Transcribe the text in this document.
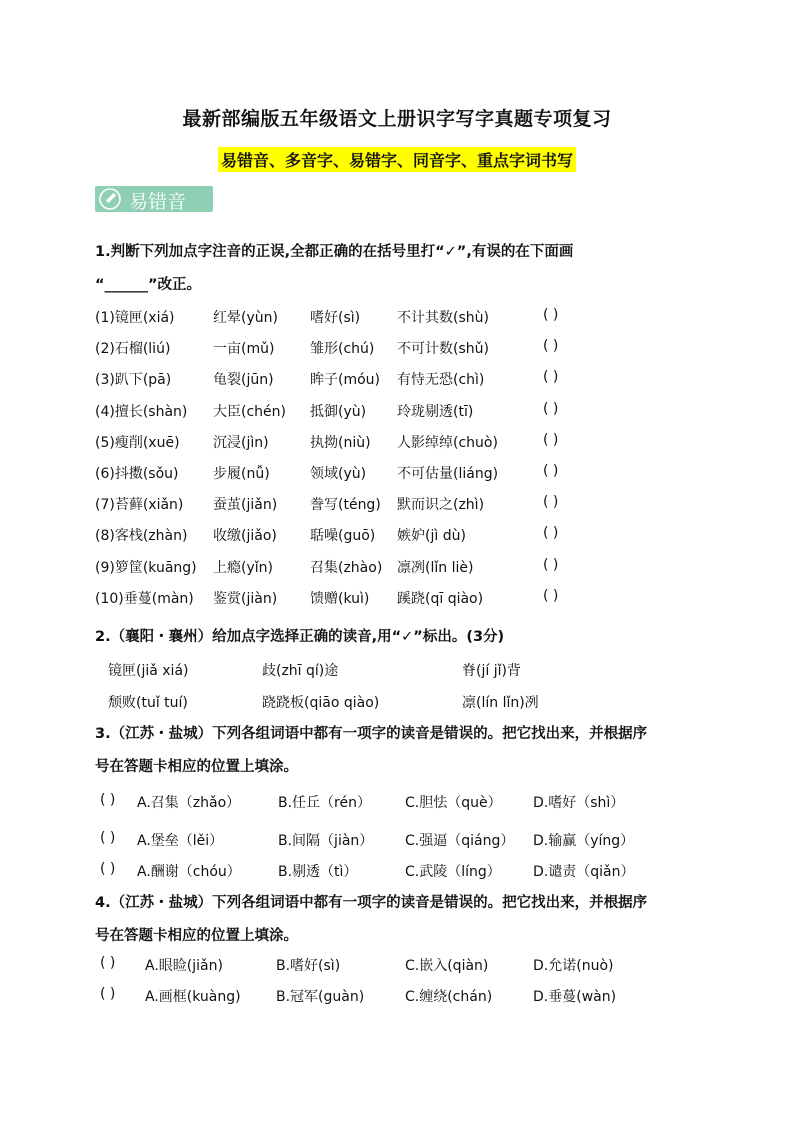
最新部编版五年级语文上册识字写字真题专项复习
易错音、多音字、易错字、同音字、重点字词书写
易错音
1.判断下列加点字注音的正误,全都正确的在括号里打“✓”,有误的在下面画
“______”改正。
(1)镜匣(xiá)	红晕(yùn) 嗜好(sì)	不计其数(shù)	( )
(2)石榴(liú)	一亩(mǔ)	雏形(chú) 不可计数(shǔ)	( )
(3)趴下(pā)	龟裂(jūn)	眸子(móu) 有恃无恐(chì)	( )
(4)擅长(shàn) 大臣(chén) 抵御(yù) 玲珑剔透(tī)	( )
(5)瘦削(xuē) 沉浸(jìn)	执拗(niù) 人影绰绰(chuò)	( )
(6)抖擞(sǒu) 步履(nǚ)	领域(yù) 不可估量(liáng)	( )
(7)苔藓(xiǎn) 蚕茧(jiǎn) 誊写(téng) 默而识之(zhì)	( )
(8)客栈(zhàn) 收缴(jiǎo) 聒噪(guō) 嫉妒(jì dù)	( )
(9)箩筐(kuāng) 上瘾(yǐn)	召集(zhào) 凛冽(lǐn liè)	( )
(10)垂蔓(màn) 鉴赏(jiàn) 馈赠(kuì) 蹊跷(qī qiào)	( )
2.（襄阳・襄州）给加点字选择正确的读音,用“✓”标出。(3分)
镜匣(jiǎ xiá)	歧(zhī qí)途	脊(jí jǐ)背
颓败(tuǐ tuí)	跷跷板(qiāo qiào)	凛(lín lǐn)冽
3.（江苏・盐城）下列各组词语中都有一项字的读音是错误的。把它找出来，并根据序
号在答题卡相应的位置上填涂。
( ) A.召集（zhǎo）	B.任丘（rén） C.胆怯（què） D.嗜好（shì）
( ) A.堡垒（lěi）	B.间隔（jiàn） C.强逼（qiáng） D.输赢（yíng）
( ) A.酬谢（chóu）	B.剔透（tì）	C.武陵（líng） D.谴责（qiǎn）
4.（江苏・盐城）下列各组词语中都有一项字的读音是错误的。把它找出来，并根据序
号在答题卡相应的位置上填涂。
( ) A.眼睑(jiǎn)	B.嗜好(sì)	C.嵌入(qiàn)	D.允诺(nuò)
( ) A.画框(kuàng)	B.冠军(guàn)	C.缠绕(chán)	D.垂蔓(wàn)
